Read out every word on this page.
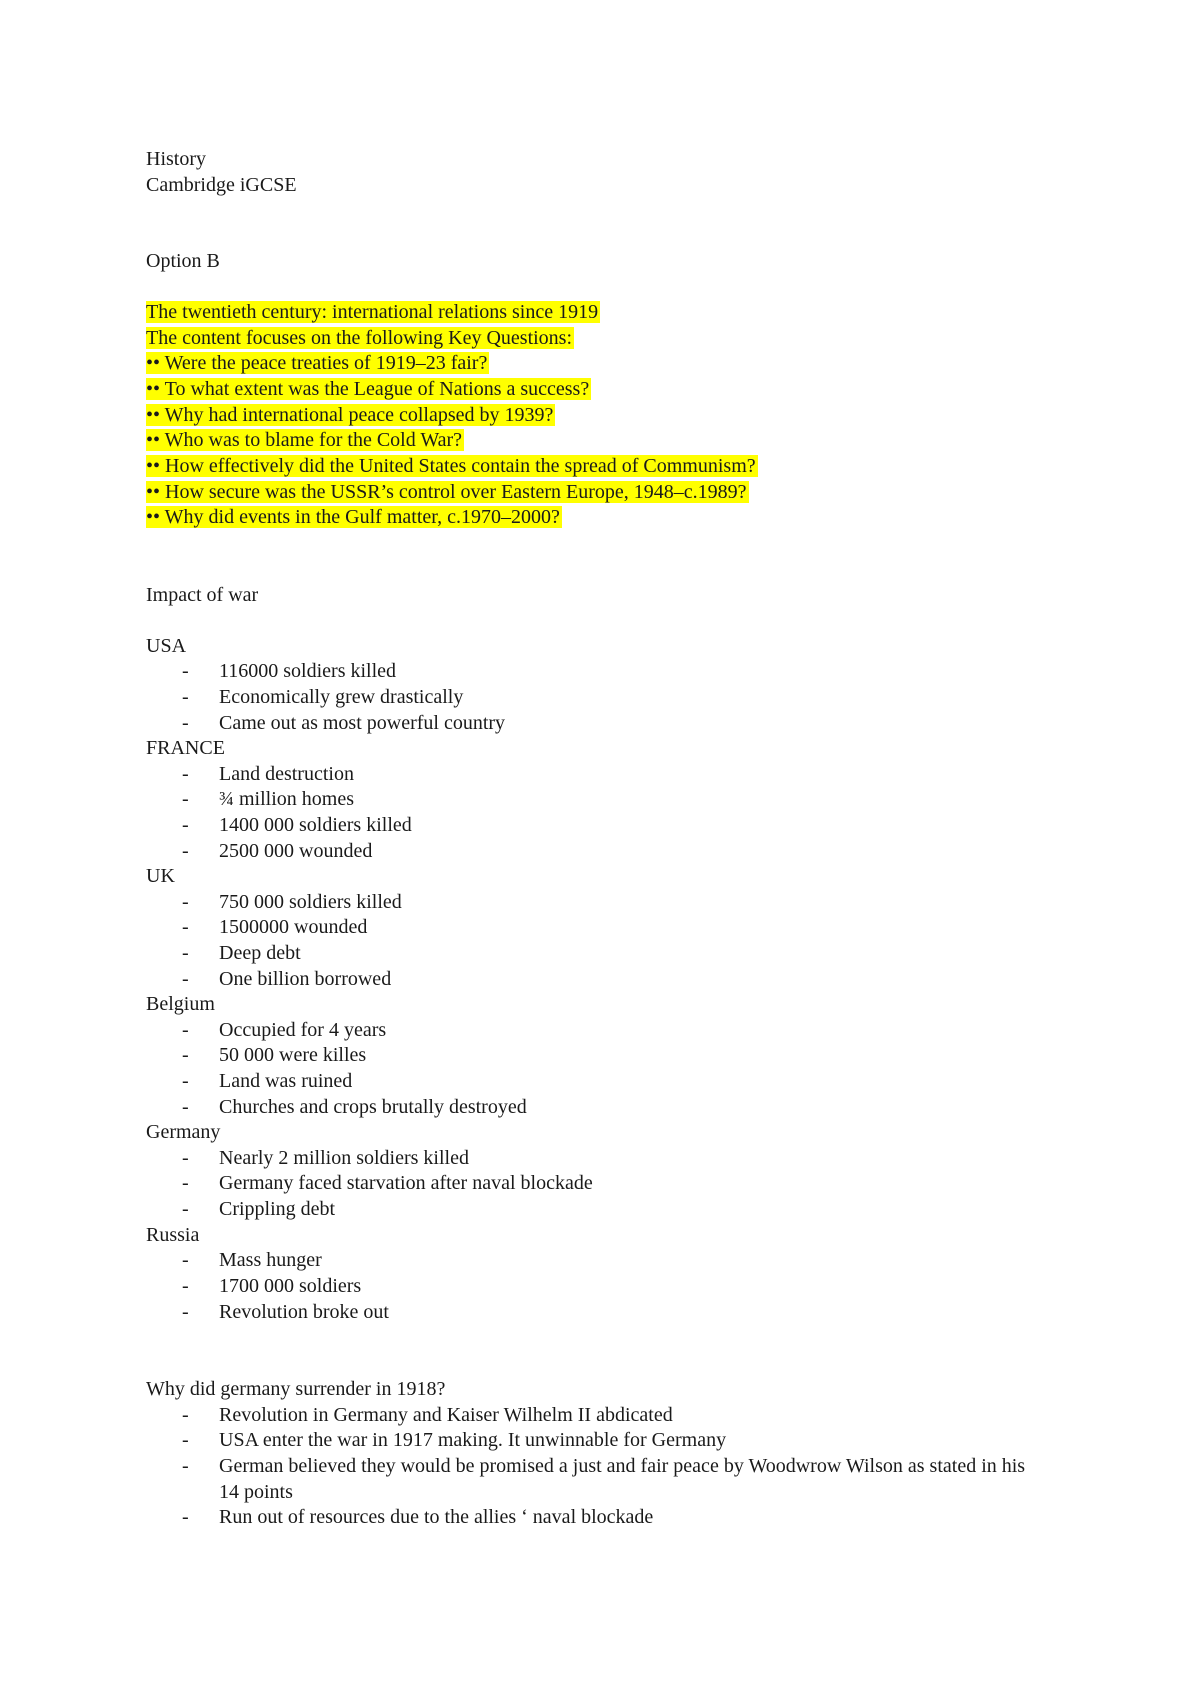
History
Cambridge iGCSE
Option B
The twentieth century: international relations since 1919
The content focuses on the following Key Questions:
•• Were the peace treaties of 1919–23 fair?
•• To what extent was the League of Nations a success?
•• Why had international peace collapsed by 1939?
•• Who was to blame for the Cold War?
•• How effectively did the United States contain the spread of Communism?
•• How secure was the USSR’s control over Eastern Europe, 1948–c.1989?
•• Why did events in the Gulf matter, c.1970–2000?
Impact of war
USA
- 116000 soldiers killed
- Economically grew drastically
- Came out as most powerful country
FRANCE
- Land destruction
- ¾ million homes
- 1400 000 soldiers killed
- 2500 000 wounded
UK
- 750 000 soldiers killed
- 1500000 wounded
- Deep debt
- One billion borrowed
Belgium
- Occupied for 4 years
- 50 000 were killes
- Land was ruined
- Churches and crops brutally destroyed
Germany
- Nearly 2 million soldiers killed
- Germany faced starvation after naval blockade
- Crippling debt
Russia
- Mass hunger
- 1700 000 soldiers
- Revolution broke out
Why did germany surrender in 1918?
- Revolution in Germany and Kaiser Wilhelm II abdicated
- USA enter the war in 1917 making. It unwinnable for Germany
- German believed they would be promised a just and fair peace by Woodwrow Wilson as stated in his 14 points
- Run out of resources due to the allies ‘ naval blockade
